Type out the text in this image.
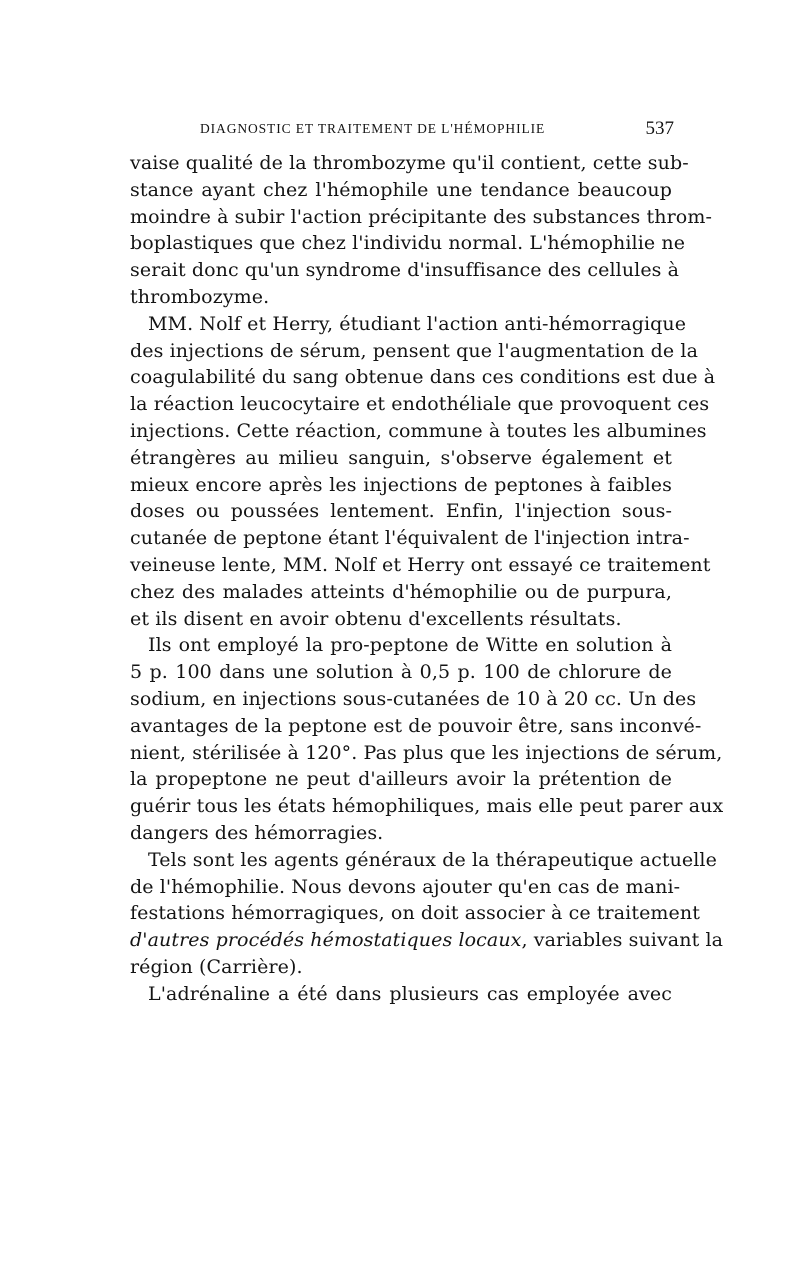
DIAGNOSTIC ET TRAITEMENT DE L'HÉMOPHILIE	537
vaise qualité de la thrombozyme qu'il contient, cette sub-
stance ayant chez l'hémophile une tendance beaucoup
moindre à subir l'action précipitante des substances throm-
boplastiques que chez l'individu normal. L'hémophilie ne
serait donc qu'un syndrome d'insuffisance des cellules à
thrombozyme.
MM. Nolf et Herry, étudiant l'action anti-hémorragique
des injections de sérum, pensent que l'augmentation de la
coagulabilité du sang obtenue dans ces conditions est due à
la réaction leucocytaire et endothéliale que provoquent ces
injections. Cette réaction, commune à toutes les albumines
étrangères au milieu sanguin, s'observe également et
mieux encore après les injections de peptones à faibles
doses ou poussées lentement. Enfin, l'injection sous-
cutanée de peptone étant l'équivalent de l'injection intra-
veineuse lente, MM. Nolf et Herry ont essayé ce traitement
chez des malades atteints d'hémophilie ou de purpura,
et ils disent en avoir obtenu d'excellents résultats.
Ils ont employé la pro-peptone de Witte en solution à
5 p. 100 dans une solution à 0,5 p. 100 de chlorure de
sodium, en injections sous-cutanées de 10 à 20 cc. Un des
avantages de la peptone est de pouvoir être, sans inconvé-
nient, stérilisée à 120°. Pas plus que les injections de sérum,
la propeptone ne peut d'ailleurs avoir la prétention de
guérir tous les états hémophiliques, mais elle peut parer aux
dangers des hémorragies.
Tels sont les agents généraux de la thérapeutique actuelle
de l'hémophilie. Nous devons ajouter qu'en cas de mani-
festations hémorragiques, on doit associer à ce traitement
d'autres procédés hémostatiques locaux, variables suivant la
région (Carrière).
L'adrénaline a été dans plusieurs cas employée avec
